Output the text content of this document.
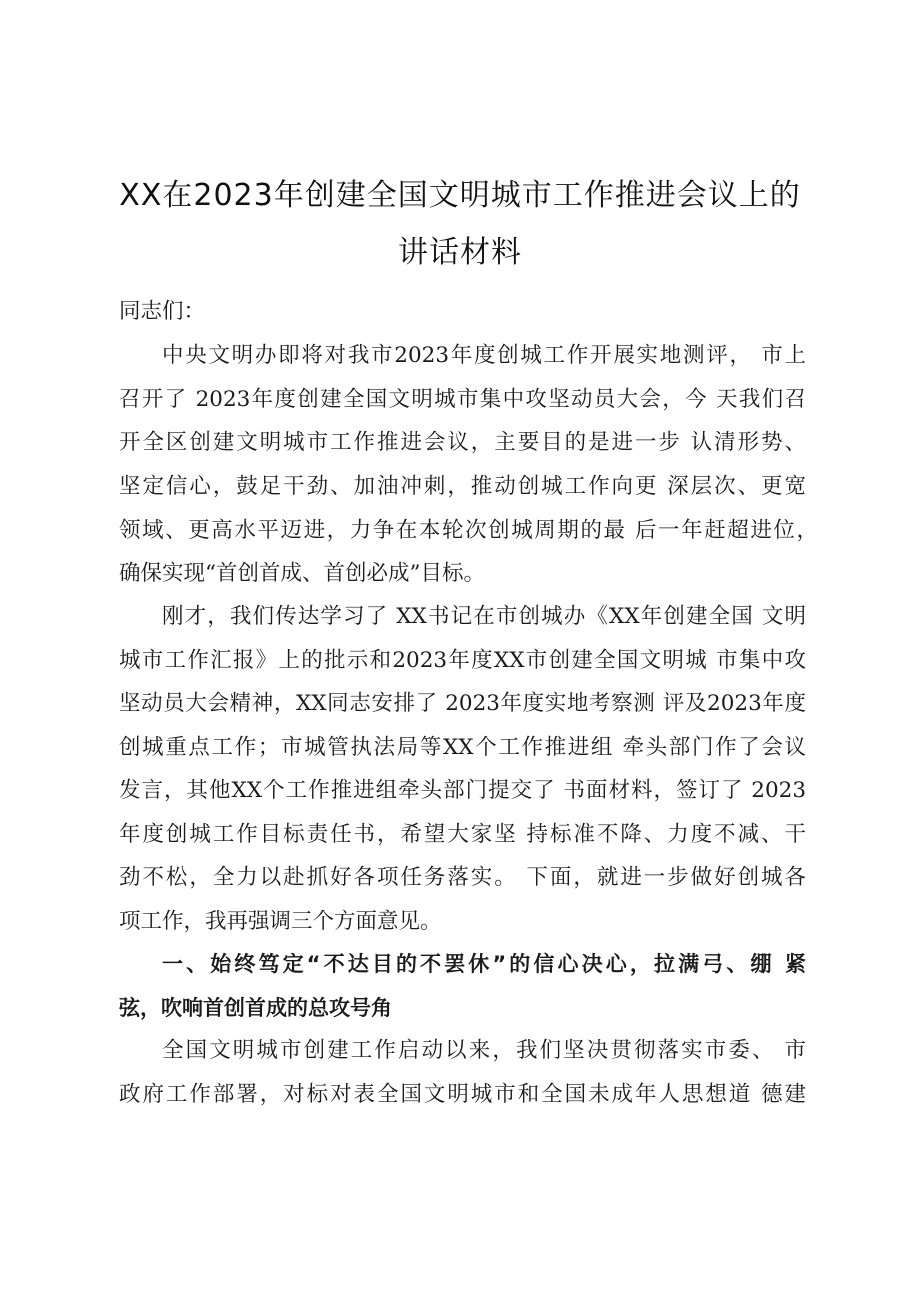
XX在2023年创建全国文明城市工作推进会议上的
讲话材料
同志们：
中央文明办即将对我市2023年度创城工作开展实地测评， 市上
召开了 2023年度创建全国文明城市集中攻坚动员大会，今 天我们召
开全区创建文明城市工作推进会议，主要目的是进一步 认清形势、
坚定信心，鼓足干劲、加油冲刺，推动创城工作向更 深层次、更宽
领域、更高水平迈进，力争在本轮次创城周期的最 后一年赶超进位，
确保实现“首创首成、首创必成”目标。
刚才，我们传达学习了 XX书记在市创城办《XX年创建全国 文明
城市工作汇报》上的批示和2023年度XX市创建全国文明城 市集中攻
坚动员大会精神，XX同志安排了 2023年度实地考察测 评及2023年度
创城重点工作；市城管执法局等XX个工作推进组 牵头部门作了会议
发言，其他XX个工作推进组牵头部门提交了 书面材料，签订了 2023
年度创城工作目标责任书，希望大家坚 持标准不降、力度不减、干
劲不松，全力以赴抓好各项任务落实。 下面，就进一步做好创城各
项工作，我再强调三个方面意见。
一、始终笃定“不达目的不罢休”的信心决心，拉满弓、绷 紧
弦，吹响首创首成的总攻号角
全国文明城市创建工作启动以来，我们坚决贯彻落实市委、 市
政府工作部署，对标对表全国文明城市和全国未成年人思想道 德建
